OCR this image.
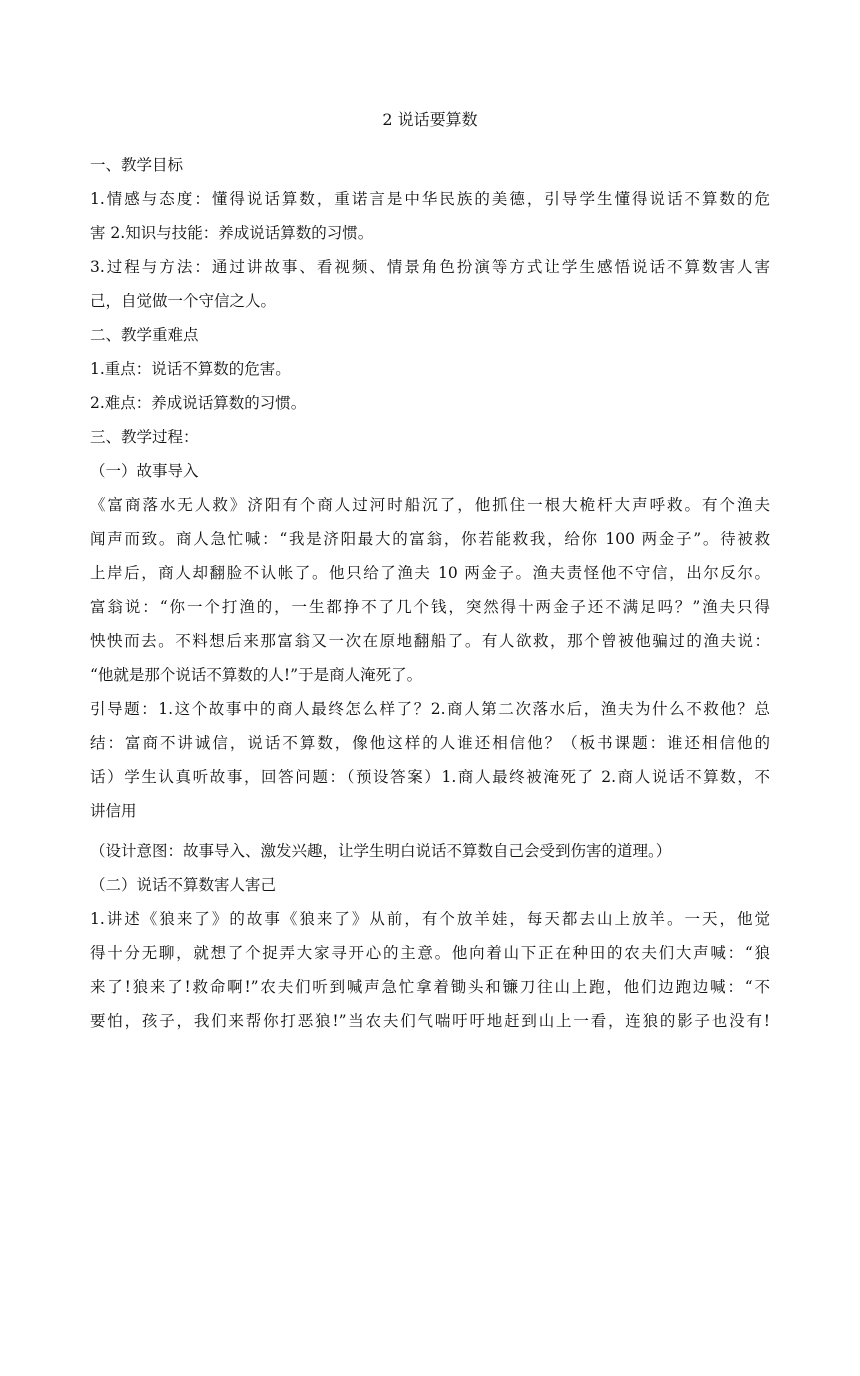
2 说话要算数

一、教学目标

1.情感与态度：懂得说话算数，重诺言是中华民族的美德，引导学生懂得说话不算数的危

害 2.知识与技能：养成说话算数的习惯。

3.过程与方法：通过讲故事、看视频、情景角色扮演等方式让学生感悟说话不算数害人害

己，自觉做一个守信之人。

二、教学重难点

1.重点：说话不算数的危害。

2.难点：养成说话算数的习惯。

三、教学过程：

（一）故事导入

《富商落水无人救》济阳有个商人过河时船沉了，他抓住一根大桅杆大声呼救。有个渔夫

闻声而致。商人急忙喊：“我是济阳最大的富翁，你若能救我，给你 100 两金子”。待被救

上岸后，商人却翻脸不认帐了。他只给了渔夫 10 两金子。渔夫责怪他不守信，出尔反尔。

富翁说：“你一个打渔的，一生都挣不了几个钱，突然得十两金子还不满足吗？”渔夫只得

怏怏而去。不料想后来那富翁又一次在原地翻船了。有人欲救，那个曾被他骗过的渔夫说：

“他就是那个说话不算数的人!”于是商人淹死了。

引导题：1.这个故事中的商人最终怎么样了？2.商人第二次落水后，渔夫为什么不救他？总

结：富商不讲诚信，说话不算数，像他这样的人谁还相信他？（板书课题：谁还相信他的

话）学生认真听故事，回答问题：（预设答案）1.商人最终被淹死了 2.商人说话不算数，不

讲信用

（设计意图：故事导入、激发兴趣，让学生明白说话不算数自己会受到伤害的道理。）

（二）说话不算数害人害己

1.讲述《狼来了》的故事《狼来了》从前，有个放羊娃，每天都去山上放羊。一天，他觉

得十分无聊，就想了个捉弄大家寻开心的主意。他向着山下正在种田的农夫们大声喊：“狼

来了!狼来了!救命啊!”农夫们听到喊声急忙拿着锄头和镰刀往山上跑，他们边跑边喊：“不

要怕，孩子，我们来帮你打恶狼!”当农夫们气喘吁吁地赶到山上一看，连狼的影子也没有!
